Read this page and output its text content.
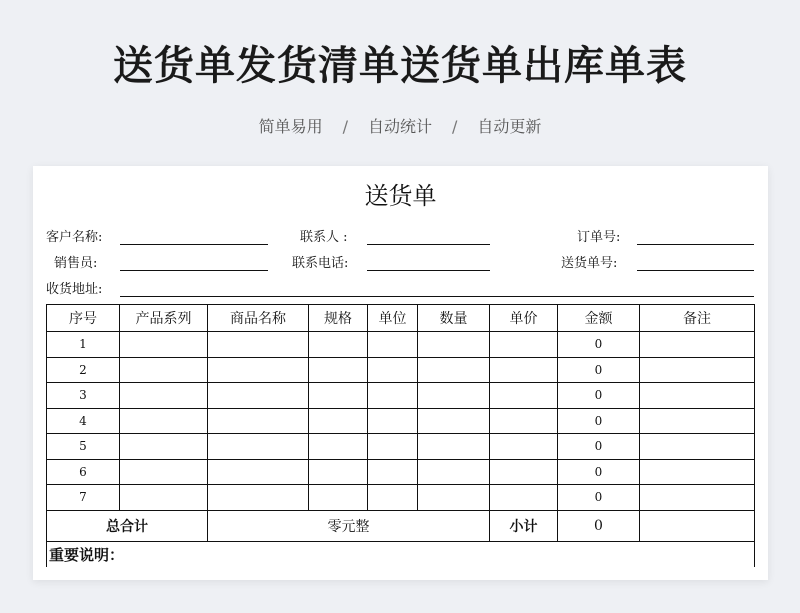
送货单发货清单送货单出库单表
简单易用 / 自动统计 / 自动更新
送货单
客户名称:	联系人 :	订单号:
销售员:	联系电话:	送货单号:
收货地址:
序号	产品系列	商品名称	规格	单位	数量	单价	金额	备注
1							0	
2							0	
3							0	
4							0	
5							0	
6							0	
7							0	
总合计		零元整				小计	0	
重要说明：								
